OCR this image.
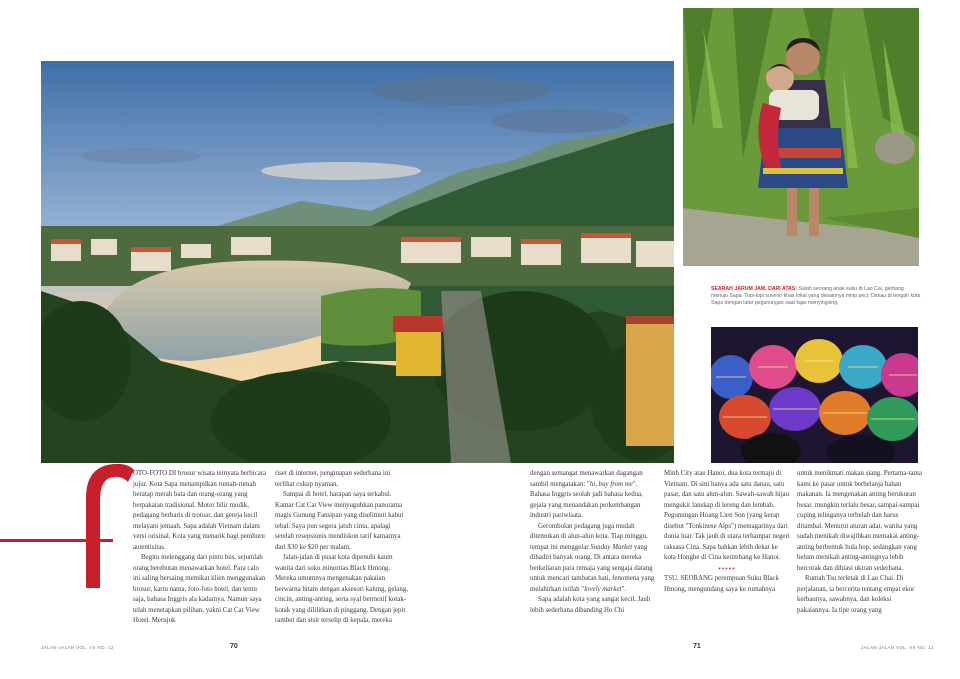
SEARAH JARUM JAM, DARI ATAS: Salah seorang anak suku di Lao Cai, gerbang menuju Sapa. Topi-topi suvenir khas lokal yang desainnya mirip peci; Danau di tengah kota Sapa dengan latar pegunungan saat fajar menyingsing.

OTO-FOTO DI brosur wisata ternyata berbicara jujur. Kota Sapa menampilkan rumah-rumah beratap merah bata dan orang-orang yang berpakaian tradisional. Motor hilir mudik, pedagang berbaris di trotoar, dan gereja kecil melayani jemaah. Sapa adalah Vietnam dalam versi orisinal. Kota yang menarik bagi pemburu autentisitas.

Begitu melenggang dari pintu bus, sejumlah orang berebutan menawarkan hotel. Para calo ini saling bersaing memikat klien menggunakan brosur, kartu nama, foto-foto hotel, dan tentu saja, bahasa Inggris ala kadarnya. Namun saya telah menetapkan pilihan, yakni Cat Cat View Hotel. Merujuk

riset di internet, penginapan sederhana ini terlihat cukup nyaman.

Sampai di hotel, harapan saya terkabul. Kamar Cat Cat View menyuguhkan panorama magis Gunung Fansipan yang diselimuti kabut tebal. Saya pun segera jatuh cinta, apalagi setelah resepsionis mendiskon tarif kamarnya dari $30 ke $20 per malam.

Jalan-jalan di pusat kota dipenuhi kaum wanita dari suku minoritas Black Hmong. Mereka umumnya mengenakan pakaian berwarna hitam dengan aksesori kalung, gelang, cincin, anting-anting, serta syal bermotif kotak-kotak yang dililitkan di pinggang. Dengan jepit rambut dan sisir terselip di kepala, mereka

dengan semangat menawarkan dagangan sambil mengatakan: "hi, buy from me". Bahasa Inggris seolah jadi bahasa kedua, gejala yang menandakan perkembangan industri pariwisata.

Gerombolan pedagang juga mudah ditemukan di alun-alun kota. Tiap minggu, tempat ini menggelar Sunday Market yang dihadiri banyak orang. Di antara mereka berkeliaran para remaja yang sengaja datang untuk mencari tambatan hati, fenomena yang melahirkan istilah "lovely market".

Sapa adalah kota yang sangat kecil. Jauh lebih sederhana dibanding Ho Chi

Minh City atau Hanoi, dua kota termaju di Vietnam. Di sini hanya ada satu danau, satu pasar, dan satu alun-alun. Sawah-sawah hijau mengukir lanskap di lereng dan lembah. Pegunungan Hoang Lien Son (yang kerap disebut "Tonkinese Alps") memagarinya dari dunia luar. Tak jauh di utara terhampar negeri raksasa Cina. Sapa bahkan lebih dekat ke kota Honghe di Cina ketimbang ke Hanoi.

•••••

TSU, SEORANG perempuan Suku Black Hmong, mengundang saya ke rumahnya

untuk menikmati makan siang. Pertama-tama kami ke pasar untuk berbelanja bahan makanan. Ia mengenakan anting berukuran besar, mungkin terlalu besar, sampai-sampai cuping telinganya terbelah dan harus ditambal. Menurut aturan adat, wanita yang sudah menikah diwajibkan memakai anting-anting berbentuk hula hop, sedangkan yang belum menikah anting-antingnya lebih bercorak dan dihiasi ukiran sederhana.

Rumah Tsu terletak di Lao Chai. Di perjalanan, ia bercerita tentang empat ekor kerbaunya, sawahnya, dan koleksi pakaiannya. Ia tipe orang yang

JALAN-JALAN VOL. VII NO. 12	70	71	JALAN-JALAN VOL. VII NO. 12
